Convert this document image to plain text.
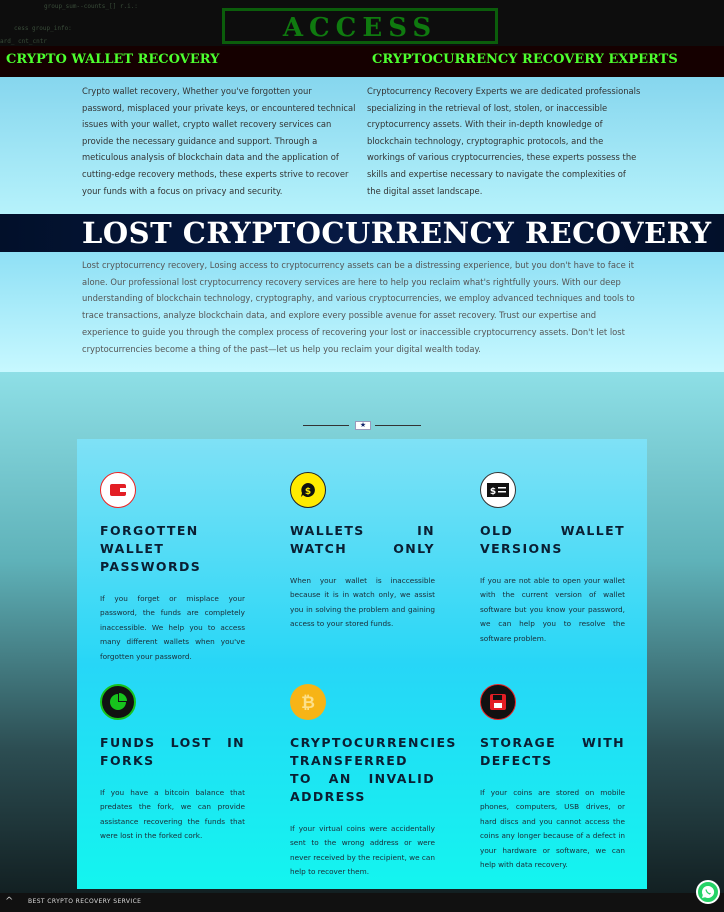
group_sum--counts_[] r.i.:
cess group_info:
ard_ cnt_cntr	ACCESS
CRYPTO WALLET RECOVERY	CRYPTOCURRENCY RECOVERY EXPERTS

Crypto wallet recovery, Whether you've forgotten your password, misplaced your private keys, or encountered technical issues with your wallet, crypto wallet recovery services can provide the necessary guidance and support. Through a meticulous analysis of blockchain data and the application of cutting-edge recovery methods, these experts strive to recover your funds with a focus on privacy and security.

Cryptocurrency Recovery Experts we are dedicated professionals specializing in the retrieval of lost, stolen, or inaccessible cryptocurrency assets. With their in-depth knowledge of blockchain technology, cryptographic protocols, and the workings of various cryptocurrencies, these experts possess the skills and expertise necessary to navigate the complexities of the digital asset landscape.

LOST CRYPTOCURRENCY RECOVERY

Lost cryptocurrency recovery, Losing access to cryptocurrency assets can be a distressing experience, but you don't have to face it alone. Our professional lost cryptocurrency recovery services are here to help you reclaim what's rightfully yours. With our deep understanding of blockchain technology, cryptography, and various cryptocurrencies, we employ advanced techniques and tools to trace transactions, analyze blockchain data, and explore every possible avenue for asset recovery. Trust our expertise and experience to guide you through the complex process of recovering your lost or inaccessible cryptocurrency assets. Don't let lost cryptocurrencies become a thing of the past—let us help you reclaim your digital wealth today.

★
FORGOTTEN WALLET PASSWORDS

If you forget or misplace your password, the funds are completely inaccessible. We help you to access many different wallets when you've forgotten your password.

$
WALLETS IN WATCH ONLY

When your wallet is inaccessible because it is in watch only, we assist you in solving the problem and gaining access to your stored funds.

$
OLD WALLET VERSIONS

If you are not able to open your wallet with the current version of wallet software but you know your password, we can help you to resolve the software problem.

FUNDS LOST IN FORKS

If you have a bitcoin balance that predates the fork, we can provide assistance recovering the funds that were lost in the forked cork.

₿
CRYPTOCURRENCIES TRANSFERRED TO AN INVALID ADDRESS

If your virtual coins were accidentally sent to the wrong address or were never received by the recipient, we can help to recover them.

STORAGE WITH DEFECTS

If your coins are stored on mobile phones, computers, USB drives, or hard discs and you cannot access the coins any longer because of a defect in your hardware or software, we can help with data recovery.

^ BEST CRYPTO RECOVERY SERVICE
